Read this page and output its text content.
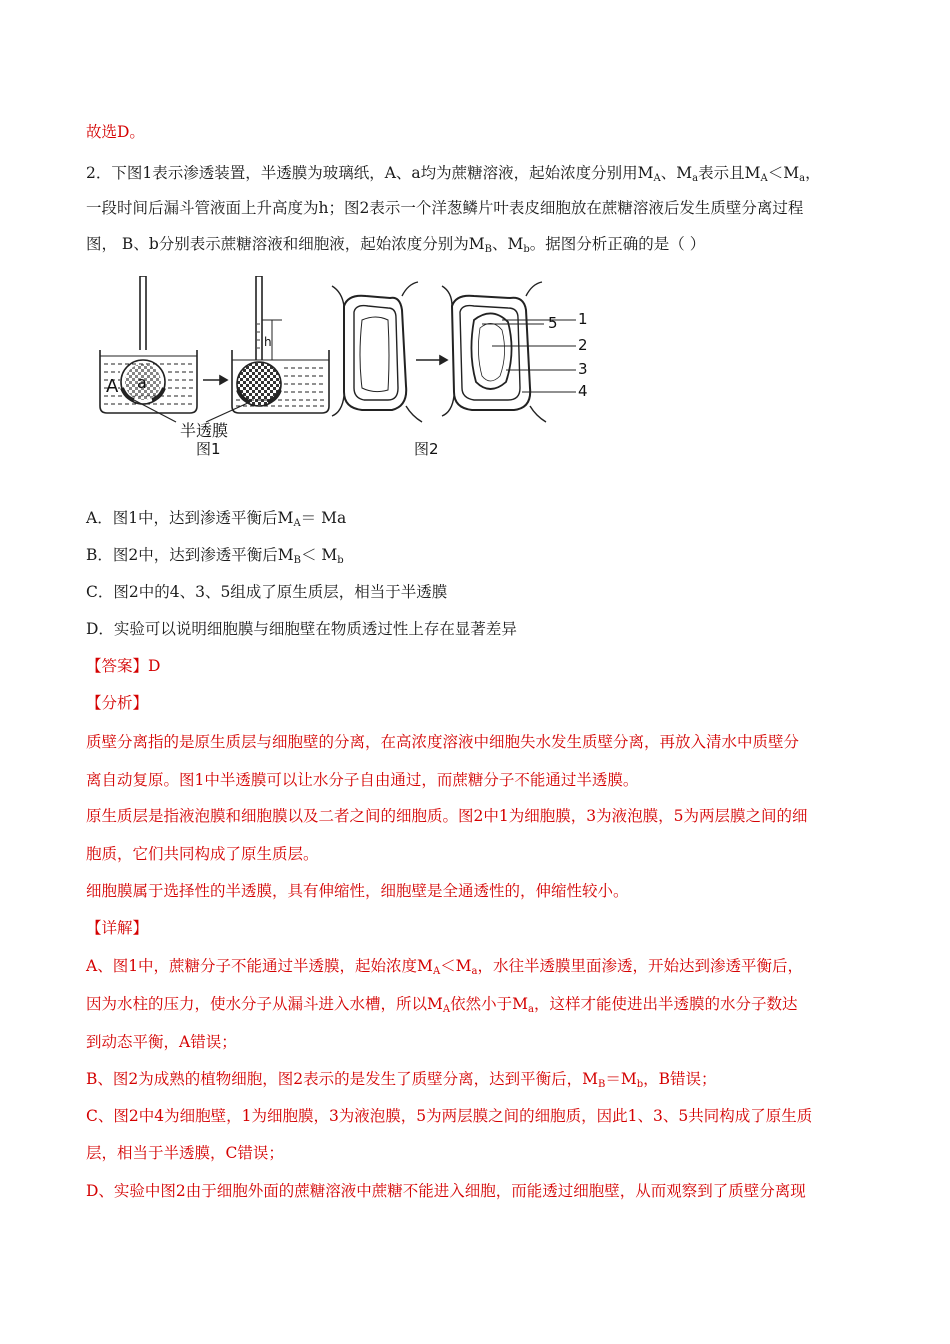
故选D。
2．下图1表示渗透装置，半透膜为玻璃纸，A、a均为蔗糖溶液，起始浓度分别用$M_A$、$M_a$表示且$M_A<M_a$，
一段时间后漏斗管液面上升高度为h；图2表示一个洋葱鳞片叶表皮细胞放在蔗糖溶液后发生质壁分离过程
图， B、b分别表示蔗糖溶液和细胞液，起始浓度分别为$M_B$、$M_b$。据图分析正确的是（ ）
A a
h
半透膜
图1	图2
5 1
2
3
4
A．图1中，达到渗透平衡后$M_A= Ma$
B．图2中，达到渗透平衡后$M_B< M_b$
C．图2中的4、3、5组成了原生质层，相当于半透膜
D．实验可以说明细胞膜与细胞壁在物质透过性上存在显著差异
【答案】D
【分析】
质壁分离指的是原生质层与细胞壁的分离，在高浓度溶液中细胞失水发生质壁分离，再放入清水中质壁分
离自动复原。图1中半透膜可以让水分子自由通过，而蔗糖分子不能通过半透膜。
原生质层是指液泡膜和细胞膜以及二者之间的细胞质。图2中1为细胞膜，3为液泡膜，5为两层膜之间的细
胞质，它们共同构成了原生质层。
细胞膜属于选择性的半透膜，具有伸缩性，细胞壁是全通透性的，伸缩性较小。
【详解】
A、图1中，蔗糖分子不能通过半透膜，起始浓度$M_A<M_a$，水往半透膜里面渗透，开始达到渗透平衡后，
因为水柱的压力，使水分子从漏斗进入水槽，所以$M_A$依然小于$M_a$，这样才能使进出半透膜的水分子数达
到动态平衡，A错误；
B、图2为成熟的植物细胞，图2表示的是发生了质壁分离，达到平衡后，$M_B=M_b$，B错误；
C、图2中4为细胞壁，1为细胞膜，3为液泡膜，5为两层膜之间的细胞质，因此1、3、5共同构成了原生质
层，相当于半透膜，C错误；
D、实验中图2由于细胞外面的蔗糖溶液中蔗糖不能进入细胞，而能透过细胞壁，从而观察到了质壁分离现
